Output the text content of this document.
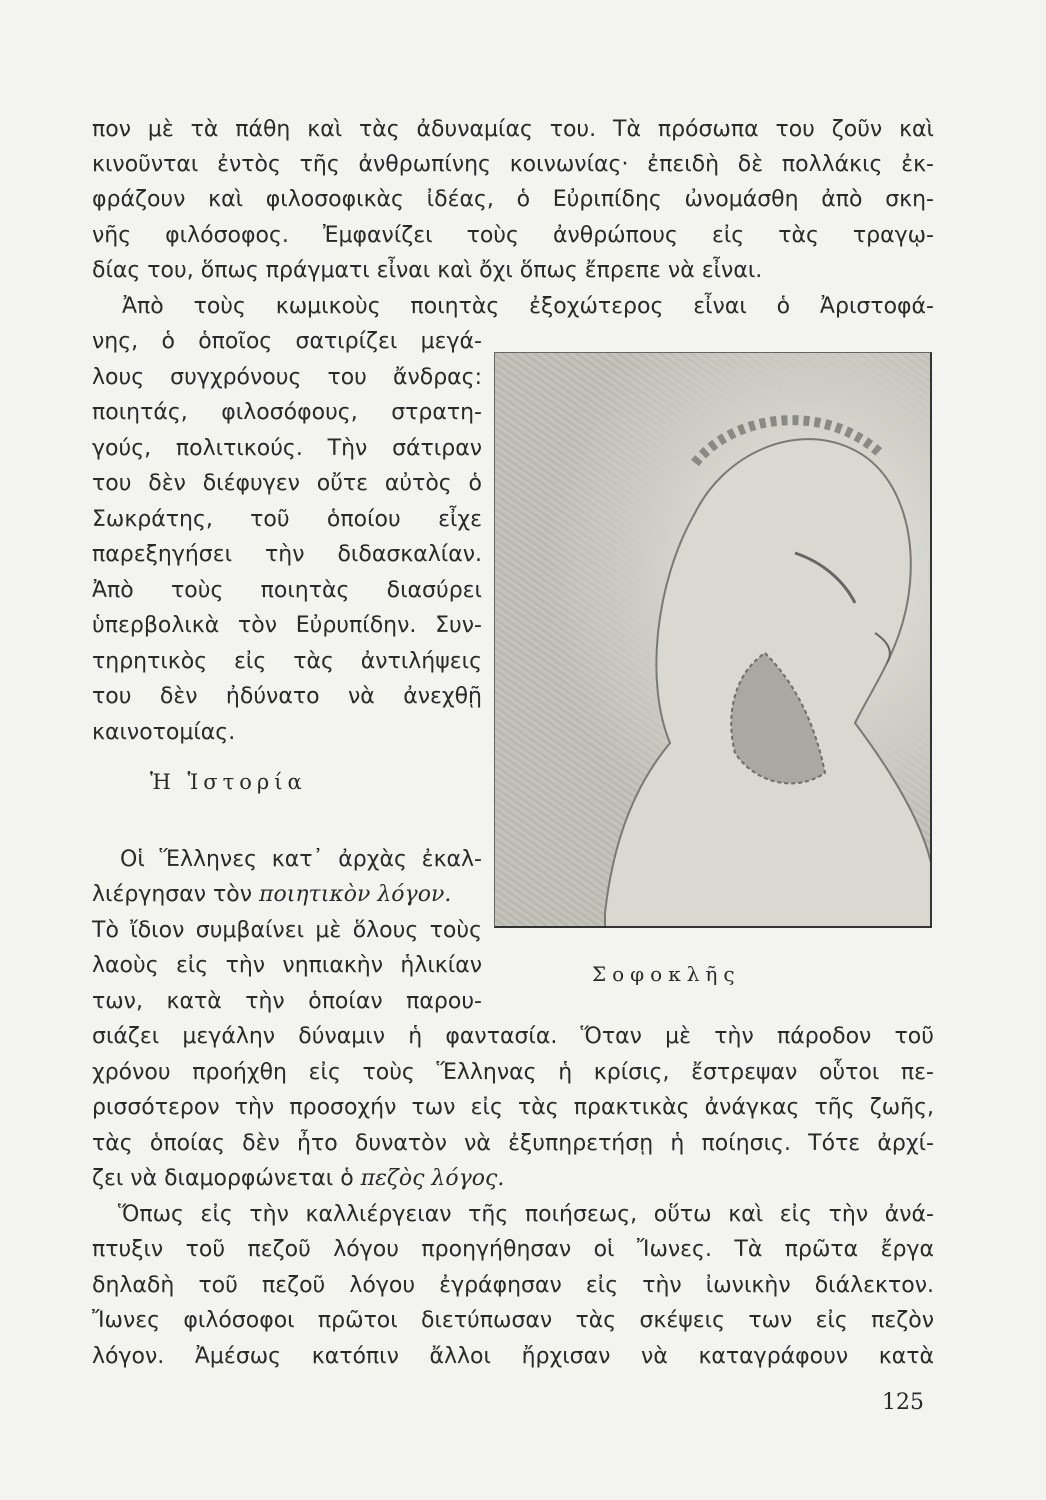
πον μὲ τὰ πάθη καὶ τὰς ἀδυναμίας του. Τὰ πρόσωπα του ζοῦν καὶ
κινοῦνται ἐντὸς τῆς ἀνθρωπίνης κοινωνίας· ἐπειδὴ δὲ πολλάκις ἐκ-
φράζουν καὶ φιλοσοφικὰς ἰδέας, ὁ Εὐριπίδης ὠνομάσθη ἀπὸ σκη-
νῆς φιλόσοφος. Ἐμφανίζει τοὺς ἀνθρώπους εἰς τὰς τραγῳ-
δίας του, ὅπως πράγματι εἶναι καὶ ὄχι ὅπως ἔπρεπε νὰ εἶναι.
Ἀπὸ τοὺς κωμικοὺς ποιητὰς ἐξοχώτερος εἶναι ὁ Ἀριστοφά-
νης, ὁ ὁποῖος σατιρίζει μεγά-
λους συγχρόνους του ἄνδρας:
ποιητάς, φιλοσόφους, στρατη-
γούς, πολιτικούς. Τὴν σάτιραν
του δὲν διέφυγεν οὔτε αὐτὸς ὁ
Σωκράτης, τοῦ ὁποίου εἶχε
παρεξηγήσει τὴν διδασκαλίαν.
Ἀπὸ τοὺς ποιητὰς διασύρει
ὑπερβολικὰ τὸν Εὐρυπίδην. Συν-
τηρητικὸς εἰς τὰς ἀντιλήψεις
του δὲν ἠδύνατο νὰ ἀνεχθῇ
καινοτομίας.
Ἡ Ἱστορία
Οἱ Ἕλληνες κατ᾽ ἀρχὰς ἐκαλ-
λιέργησαν τὸν ποιητικὸν λόγον.
Τὸ ἴδιον συμβαίνει μὲ ὅλους τοὺς
λαοὺς εἰς τὴν νηπιακὴν ἡλικίαν
των, κατὰ τὴν ὁποίαν παρου-
Σοφοκλῆς
σιάζει μεγάλην δύναμιν ἡ φαντασία. Ὅταν μὲ τὴν πάροδον τοῦ
χρόνου προήχθη εἰς τοὺς Ἕλληνας ἡ κρίσις, ἔστρεψαν οὗτοι πε-
ρισσότερον τὴν προσοχήν των εἰς τὰς πρακτικὰς ἀνάγκας τῆς ζωῆς,
τὰς ὁποίας δὲν ἦτο δυνατὸν νὰ ἐξυπηρετήσῃ ἡ ποίησις. Τότε ἀρχί-
ζει νὰ διαμορφώνεται ὁ πεζὸς λόγος.
Ὅπως εἰς τὴν καλλιέργειαν τῆς ποιήσεως, οὕτω καὶ εἰς τὴν ἀνά-
πτυξιν τοῦ πεζοῦ λόγου προηγήθησαν οἱ Ἴωνες. Τὰ πρῶτα ἔργα
δηλαδὴ τοῦ πεζοῦ λόγου ἐγράφησαν εἰς τὴν ἰωνικὴν διάλεκτον.
Ἴωνες φιλόσοφοι πρῶτοι διετύπωσαν τὰς σκέψεις των εἰς πεζὸν
λόγον. Ἀμέσως κατόπιν ἄλλοι ἤρχισαν νὰ καταγράφουν κατὰ
125
